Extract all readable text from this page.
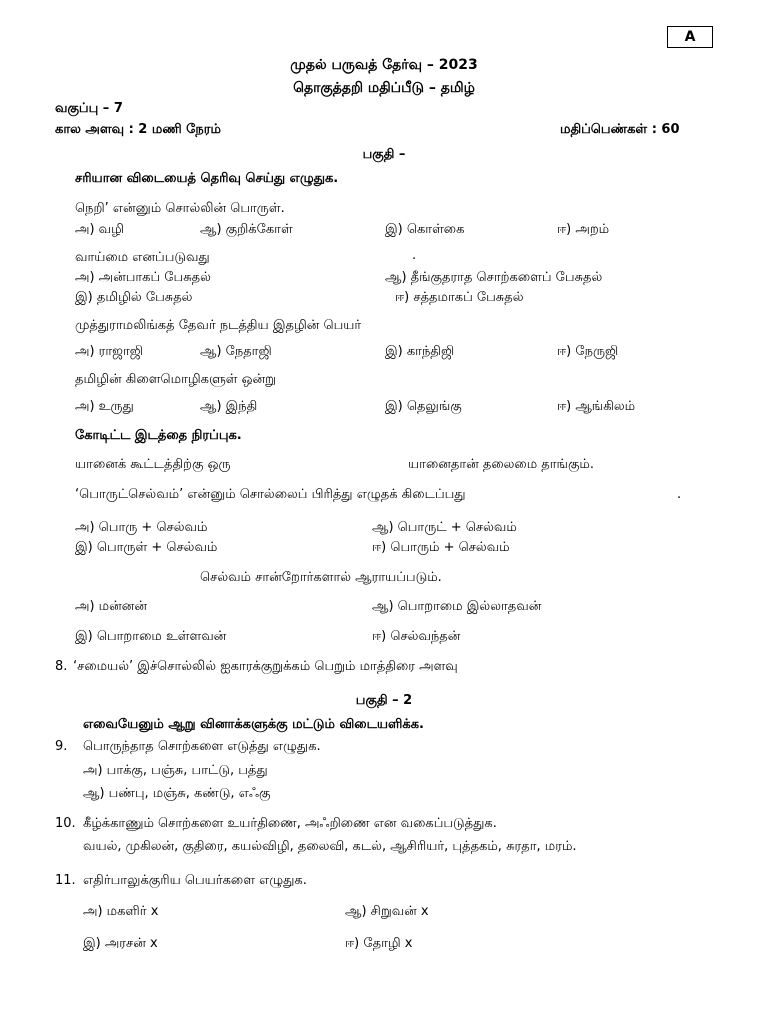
A
முதல் பருவத் தேர்வு – 2023
தொகுத்தறி மதிப்பீடு – தமிழ்
வகுப்பு – 7
கால அளவு : 2 மணி நேரம்	மதிப்பெண்கள் : 60
பகுதி –
சரியான விடையைத் தெரிவு செய்து எழுதுக.
நெறி’ என்னும் சொல்லின் பொருள்.
அ) வழி	ஆ) குறிக்கோள்	இ) கொள்கை	ஈ) அறம்
வாய்மை எனப்படுவது	.
அ) அன்பாகப் பேசுதல்	ஆ) தீங்குதராத சொற்களைப் பேசுதல்
இ) தமிழில் பேசுதல்	ஈ) சத்தமாகப் பேசுதல்
முத்துராமலிங்கத் தேவர் நடத்திய இதழின் பெயர்
அ) ராஜாஜி	ஆ) நேதாஜி	இ) காந்திஜி	ஈ) நேருஜி
தமிழின் கிளைமொழிகளுள் ஒன்று
அ) உருது	ஆ) இந்தி	இ) தெலுங்கு	ஈ) ஆங்கிலம்
கோடிட்ட இடத்தை நிரப்புக.
யானைக் கூட்டத்திற்கு ஒரு	யானைதான் தலைமை தாங்கும்.
‘பொருட்செல்வம்’ என்னும் சொல்லைப் பிரித்து எழுதக் கிடைப்பது	.
அ) பொரு + செல்வம்	ஆ) பொருட் + செல்வம்
இ) பொருள் + செல்வம்	ஈ) பொரும் + செல்வம்
செல்வம் சான்றோர்களால் ஆராயப்படும்.
அ) மன்னன்	ஆ) பொறாமை இல்லாதவன்
இ) பொறாமை உள்ளவன்	ஈ) செல்வந்தன்
8. ‘சமையல்’ இச்சொல்லில் ஐகாரக்குறுக்கம் பெறும் மாத்திரை அளவு
பகுதி – 2
எவையேனும் ஆறு வினாக்களுக்கு மட்டும் விடையளிக்க.
9. பொருந்தாத சொற்களை எடுத்து எழுதுக.
அ) பாக்கு, பஞ்சு, பாட்டு, பத்து
ஆ) பண்பு, மஞ்சு, கண்டு, எஃகு
10. கீழ்க்காணும் சொற்களை உயர்திணை, அஃறிணை என வகைப்படுத்துக.
வயல், முகிலன், குதிரை, கயல்விழி, தலைவி, கடல், ஆசிரியர், புத்தகம், சுரதா, மரம்.
11. எதிர்பாலுக்குரிய பெயர்களை எழுதுக.
அ) மகளிர் x	ஆ) சிறுவன் x
இ) அரசன் x	ஈ) தோழி x
